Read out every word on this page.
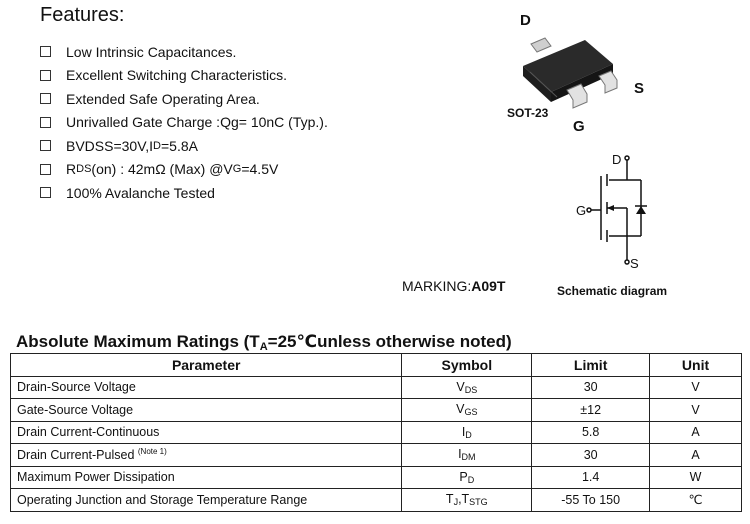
Features:
Low Intrinsic Capacitances.
Excellent Switching Characteristics.
Extended Safe Operating Area.
Unrivalled Gate Charge :Qg= 10nC (Typ.).
BVDSS=30V,I D =5.8A
R DS (on) : 42mΩ (Max) @V G =4.5V
100% Avalanche Tested
D
S
G
SOT-23
D
G
S
Schematic diagram
MARKING:A09T
Absolute Maximum Ratings (TA=25℃unless otherwise noted)
Parameter	Symbol	Limit	Unit
Drain-Source Voltage	VDS	30	V
Gate-Source Voltage	VGS	±12	V
Drain Current-Continuous	ID	5.8	A
Drain Current-Pulsed $^{(Note 1)}$	IDM	30	A
Maximum Power Dissipation	PD	1.4	W
Operating Junction and Storage Temperature Range	TJ,TSTG	-55 To 150	℃
